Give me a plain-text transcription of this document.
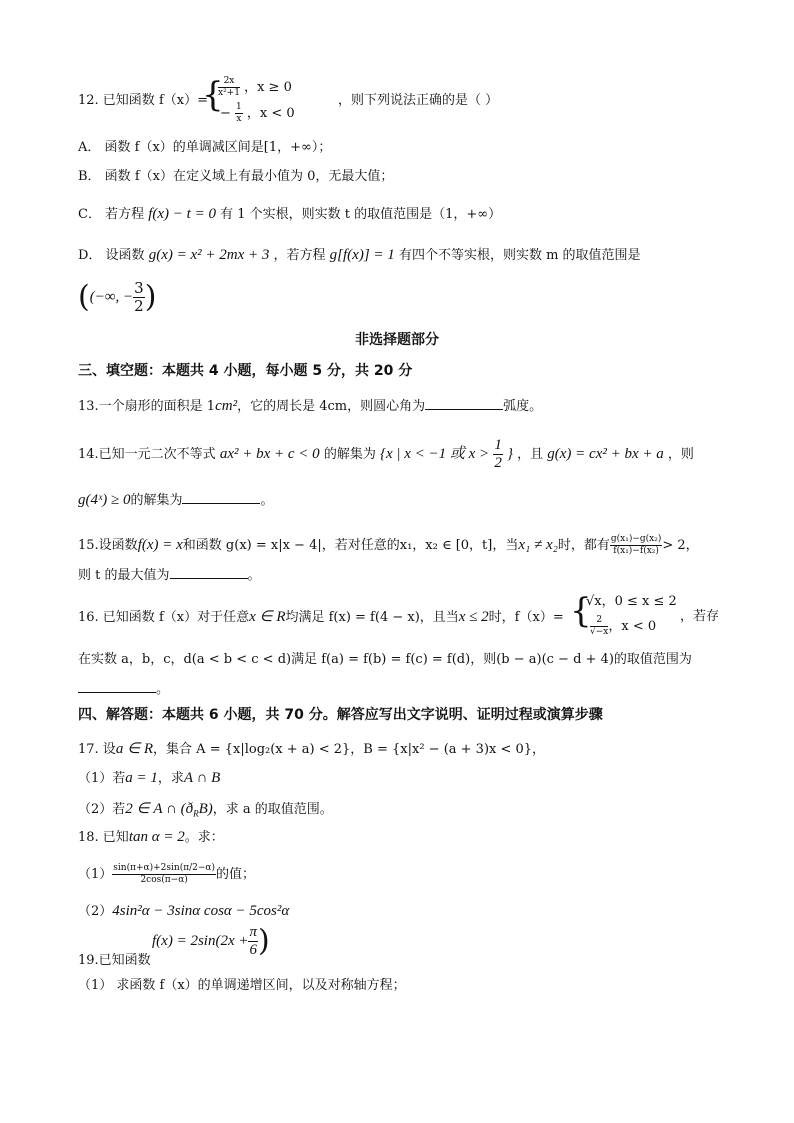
12. 已知函数 f（x）=
{
$\frac{2x}{\text{x²+1}}$ ，x ≥ 0
− $\frac{1}{x}$ ，x < 0
，则下列说法正确的是（ ）
A． 函数 f（x）的单调减区间是[1，+∞）；
B． 函数 f（x）在定义域上有最小值为 0，无最大值；
C． 若方程 f(x) − t = 0 有 1 个实根，则实数 t 的取值范围是（1，+∞）
D． 设函数 g(x) = x² + 2mx + 3 ，若方程 g[f(x)] = 1 有四个不等实根，则实数 m 的取值范围是
((−∞, − $\frac{3}{2}$ )
非选择题部分
三、填空题：本题共 4 小题，每小题 5 分，共 20 分
13.一个扇形的面积是 1cm²，它的周长是 4cm，则圆心角为	弧度。
14.已知一元二次不等式 ax² + bx + c < 0 的解集为 {x | x < −1 或 $x > \frac{1}{2}$ } ，且 g(x) = cx² + bx + a ，则
g(4ˣ) ≥ 0的解集为	。
15.设函数f(x) = x和函数 g(x) = x|x − 4|，若对任意的x₁，x₂ ∈ [0，t]，当x₁ ≠ x₂时，都有 $\frac{\text{g(x₁)−g(x₂)}}{\text{f(x₁)−f(x₂)}} > 2$，
则 t 的最大值为	。
16. 已知函数 f（x）对于任意x ∈ R均满足 f(x) = f(4 − x)，且当x ≤ 2时，f（x）= {
√x，0 ≤ x ≤ 2
$\frac{2}{√-x}$ ，x < 0
，若存
在实数 a，b，c，d(a < b < c < d)满足 f(a) = f(b) = f(c) = f(d)，则(b − a)(c − d + 4)的取值范围为
。
四、解答题：本题共 6 小题，共 70 分。解答应写出文字说明、证明过程或演算步骤
17. 设a ∈ R，集合 A = {x|log₂(x + a) < 2}，B = {x|x² − (a + 3)x < 0}，
（1）若a = 1，求A ∩ B
（2）若2 ∈ A ∩ $(ð_RB)$，求 a 的取值范围。
18. 已知tan α = 2。求：
$(1) \frac{\sin(\pi+\alpha)+2\sin(\pi/2-\alpha)}{2\cos(\pi-\alpha)}$ 的值；
（2）4sin²α − 3sinα cosα − 5cos²α
$f(x) = 2\sin(2x + \frac{\pi}{6}$ )
19.已知函数
（1） 求函数 f（x）的单调递增区间，以及对称轴方程；
